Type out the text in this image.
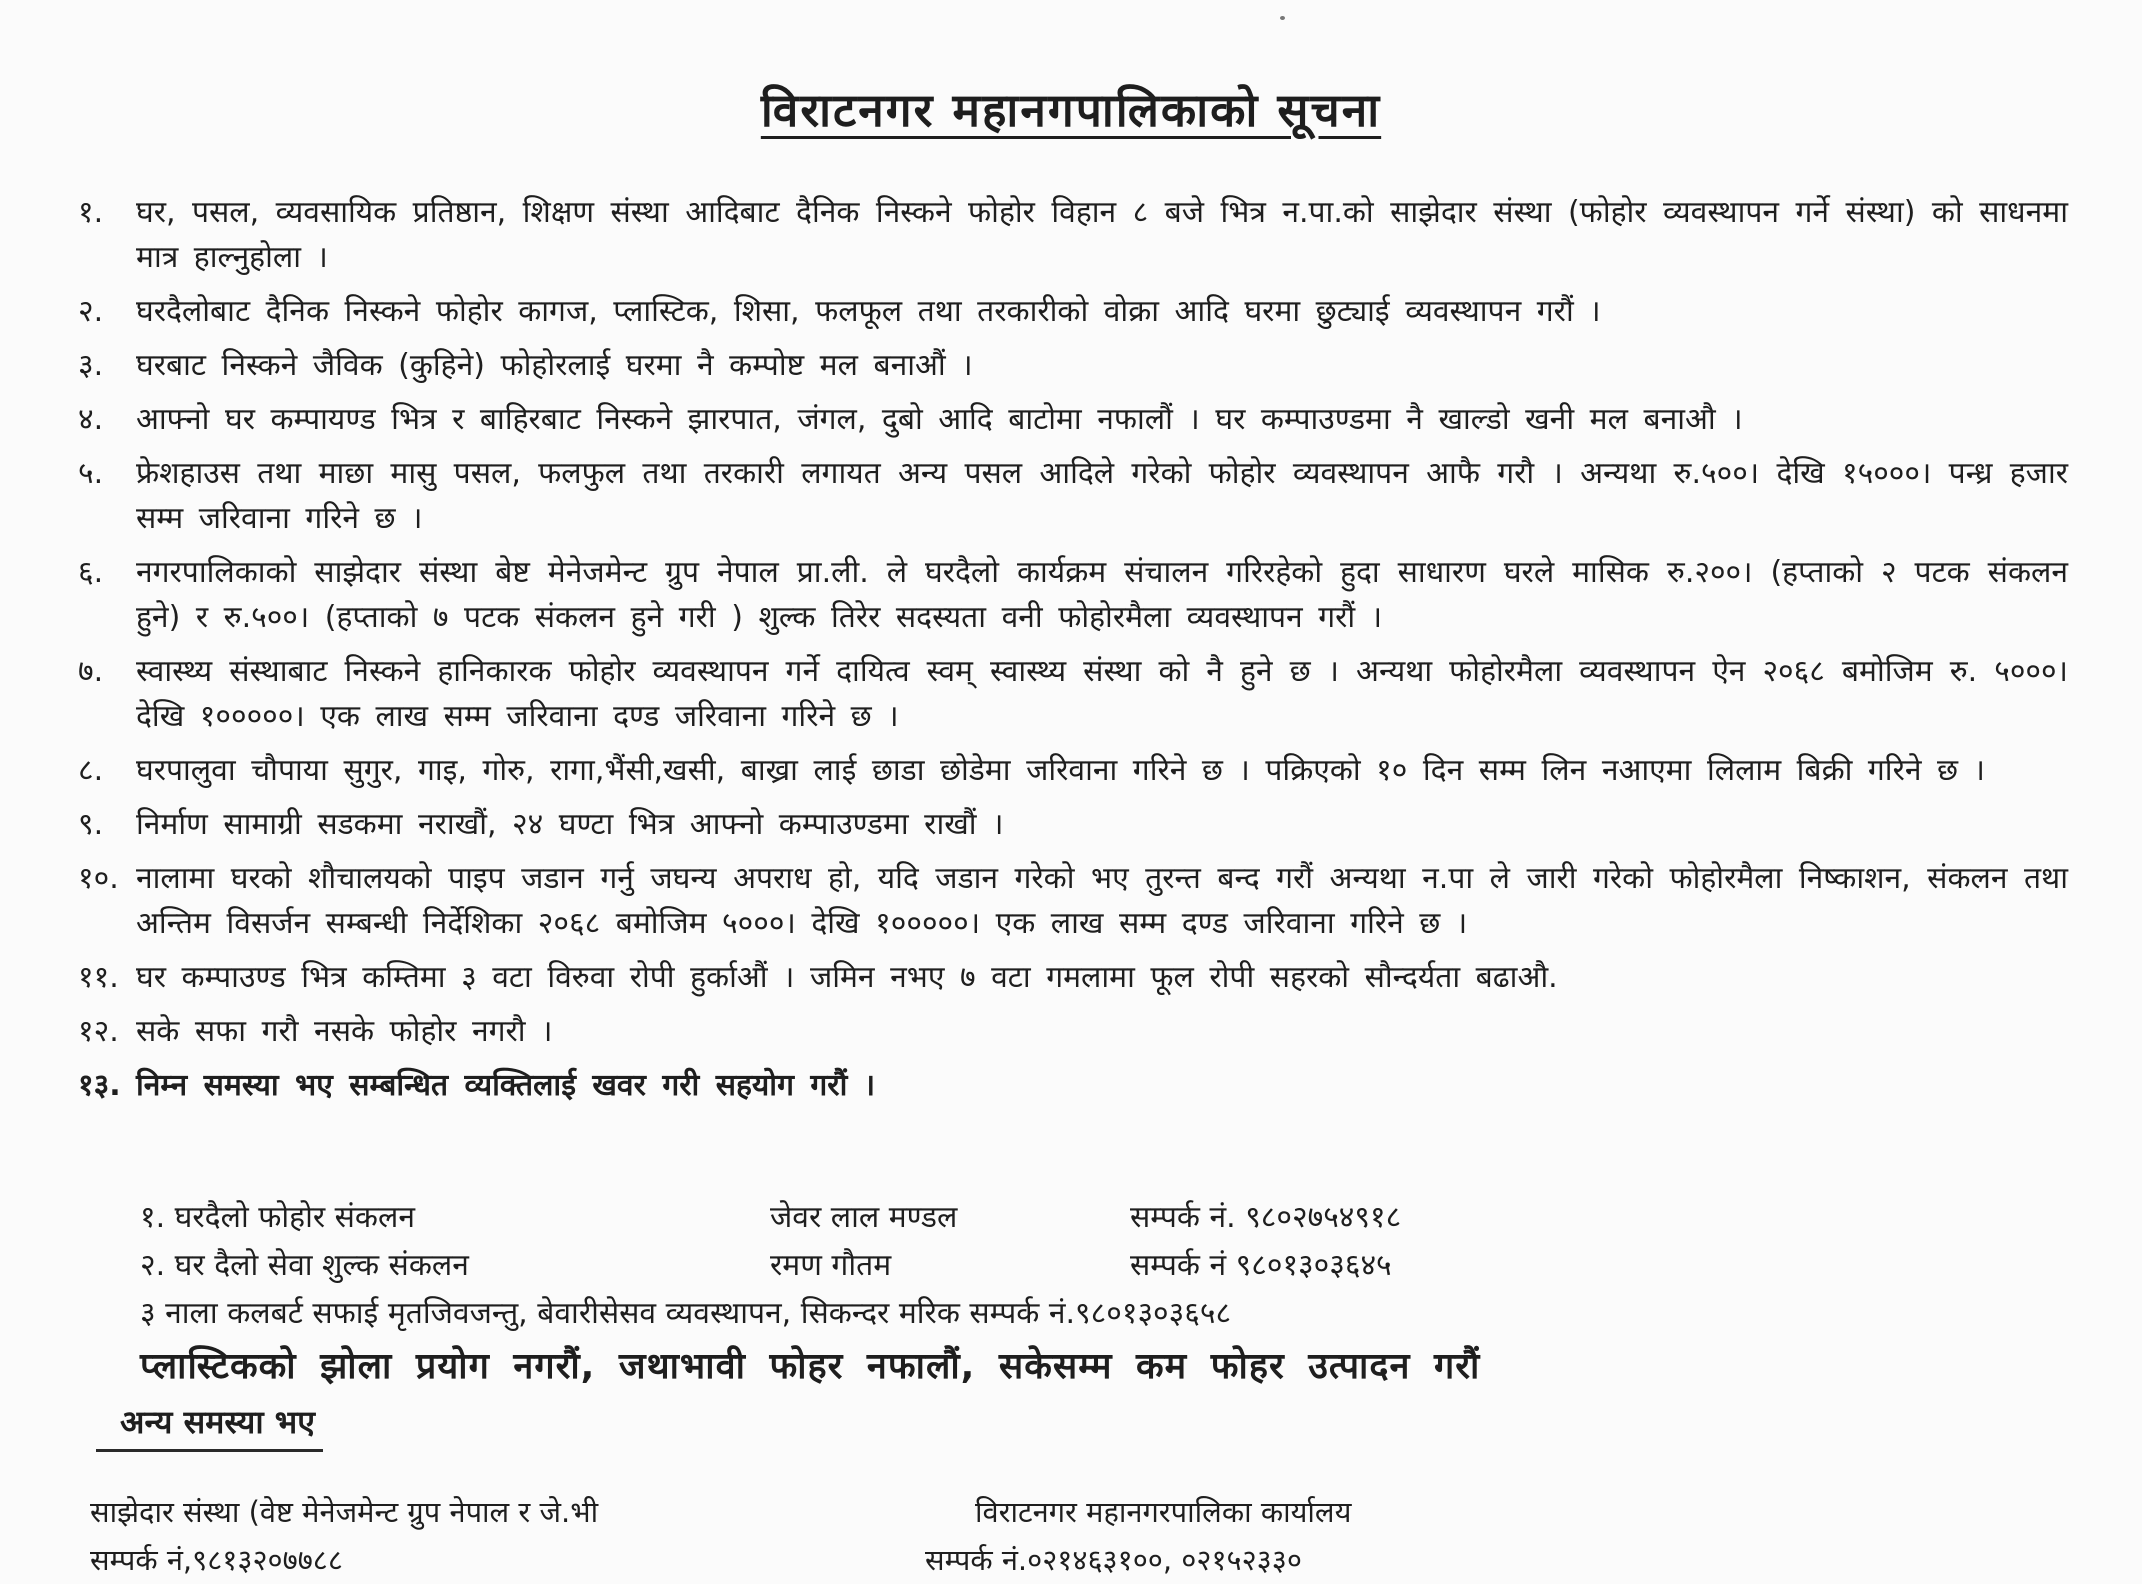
विराटनगर महानगपालिकाको सूचना
१.	घर, पसल, व्यवसायिक प्रतिष्ठान, शिक्षण संस्था आदिबाट दैनिक निस्कने फोहोर विहान ८ बजे भित्र न.पा.को साझेदार संस्था (फोहोर व्यवस्थापन गर्ने संस्था) को साधनमा मात्र हाल्नुहोला ।
२.	घरदैलोबाट दैनिक निस्कने फोहोर कागज, प्लास्टिक, शिसा, फलफूल तथा तरकारीको वोक्रा आदि घरमा छुट्याई व्यवस्थापन गरौं ।
३.	घरबाट निस्कने जैविक (कुहिने) फोहोरलाई घरमा नै कम्पोष्ट मल बनाऔं ।
४.	आफ्नो घर कम्पायण्ड भित्र र बाहिरबाट निस्कने झारपात, जंगल, दुबो आदि बाटोमा नफालौं । घर कम्पाउण्डमा नै खाल्डो खनी मल बनाऔ ।
५.	फ्रेशहाउस तथा माछा मासु पसल, फलफुल तथा तरकारी लगायत अन्य पसल आदिले गरेको फोहोर व्यवस्थापन आफै गरौ । अन्यथा रु.५००। देखि १५०००। पन्ध्र हजार सम्म जरिवाना गरिने छ ।
६.	नगरपालिकाको साझेदार संस्था बेष्ट मेनेजमेन्ट ग्रुप नेपाल प्रा.ली. ले घरदैलो कार्यक्रम संचालन गरिरहेको हुदा साधारण घरले मासिक रु.२००। (हप्ताको २ पटक संकलन हुने) र रु.५००। (हप्ताको ७ पटक संकलन हुने गरी ) शुल्क तिरेर सदस्यता वनी फोहोरमैला व्यवस्थापन गरौं ।
७.	स्वास्थ्य संस्थाबाट निस्कने हानिकारक फोहोर व्यवस्थापन गर्ने दायित्व स्वम् स्वास्थ्य संस्था को नै हुने छ । अन्यथा फोहोरमैला व्यवस्थापन ऐन २०६८ बमोजिम रु. ५०००। देखि १०००००। एक लाख सम्म जरिवाना दण्ड जरिवाना गरिने छ ।
८.	घरपालुवा चौपाया सुगुर, गाइ, गोरु, रागा,भैंसी,खसी, बाख्रा लाई छाडा छोडेमा जरिवाना गरिने छ । पक्रिएको १० दिन सम्म लिन नआएमा लिलाम बिक्री गरिने छ ।
९.	निर्माण सामाग्री सडकमा नराखौं, २४ घण्टा भित्र आफ्नो कम्पाउण्डमा राखौं ।
१०. नालामा घरको शौचालयको पाइप जडान गर्नु जघन्य अपराध हो, यदि जडान गरेको भए तुरन्त बन्द गरौं अन्यथा न.पा ले जारी गरेको फोहोरमैला निष्काशन, संकलन तथा अन्तिम विसर्जन सम्बन्धी निर्देशिका २०६८ बमोजिम ५०००। देखि १०००००। एक लाख सम्म दण्ड जरिवाना गरिने छ ।
११. घर कम्पाउण्ड भित्र कम्तिमा ३ वटा विरुवा रोपी हुर्काऔं । जमिन नभए ७ वटा गमलामा फूल रोपी सहरको सौन्दर्यता बढाऔ.
१२. सके सफा गरौ नसके फोहोर नगरौ ।
१३. निम्न समस्या भए सम्बन्धित व्यक्तिलाई खवर गरी सहयोग गरौं ।
१. घरदैलो फोहोर संकलन	जेवर लाल मण्डल	सम्पर्क नं. ९८०२७५४९१८
२. घर दैलो सेवा शुल्क संकलन	रमण गौतम	सम्पर्क नं ९८०१३०३६४५
३ नाला कलबर्ट सफाई मृतजिवजन्तु, बेवारीसेसव व्यवस्थापन, सिकन्दर मरिक सम्पर्क नं.९८०१३०३६५८
प्लास्टिकको झोला प्रयोग नगरौं, जथाभावी फोहर नफालौं, सकेसम्म कम फोहर उत्पादन गरौं
अन्य समस्या भए
साझेदार संस्था (वेष्ट मेनेजमेन्ट ग्रुप नेपाल र जे.भी
सम्पर्क नं,९८१३२०७७८८
विराटनगर महानगरपालिका कार्यालय
सम्पर्क नं.०२१४६३१००, ०२१५२३३०
